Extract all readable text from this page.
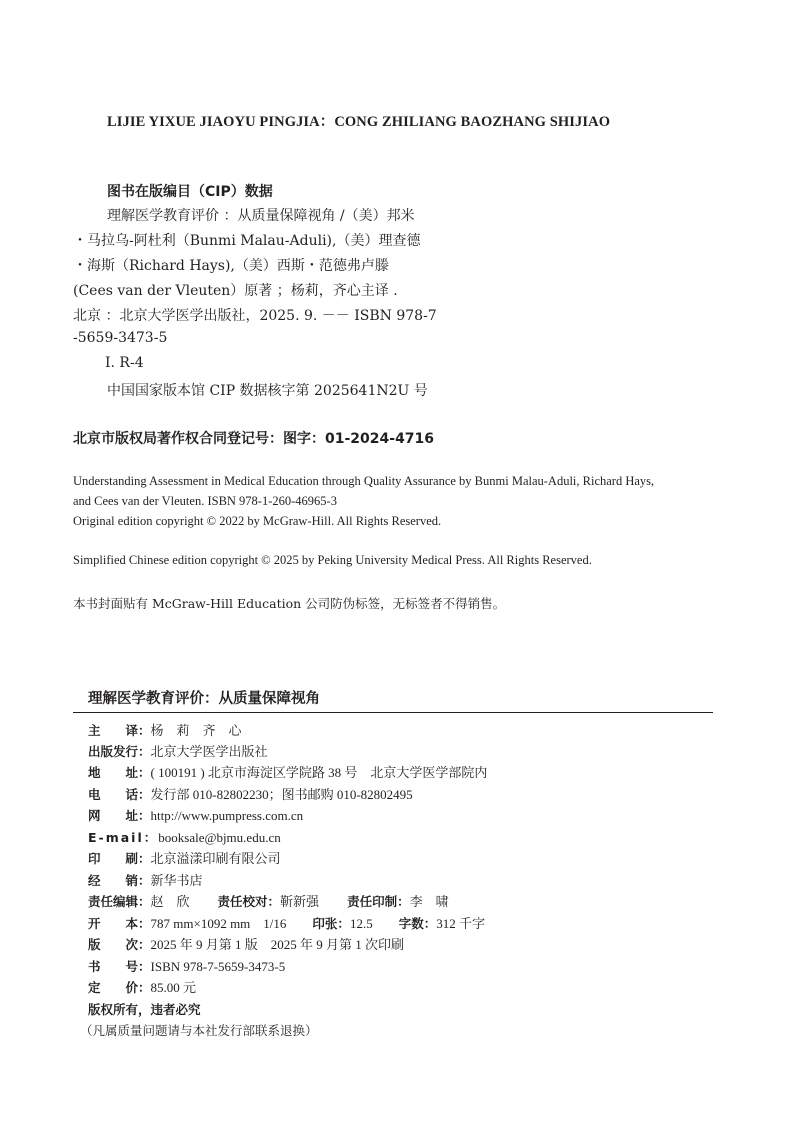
LIJIE YIXUE JIAOYU PINGJIA：CONG ZHILIANG BAOZHANG SHIJIAO
图书在版编目（CIP）数据
理解医学教育评价 ：从质量保障视角 /（美）邦米
・马拉乌-阿杜利（Bunmi Malau-Aduli),（美）理查德
・海斯（Richard Hays),（美）西斯・范德弗卢滕
(Cees van der Vleuten）原著 ；杨莉，齐心主译 .
北京 ：北京大学医学出版社，2025. 9. －－ ISBN 978-7
-5659-3473-5
Ⅰ. R-4
中国国家版本馆 CIP 数据核字第 2025641N2U 号
北京市版权局著作权合同登记号：图字：01-2024-4716
Understanding Assessment in Medical Education through Quality Assurance by Bunmi Malau-Aduli, Richard Hays,
and Cees van der Vleuten. ISBN 978-1-260-46965-3
Original edition copyright © 2022 by McGraw-Hill. All Rights Reserved.
Simplified Chinese edition copyright © 2025 by Peking University Medical Press. All Rights Reserved.
本书封面贴有 McGraw-Hill Education 公司防伪标签，无标签者不得销售。
理解医学教育评价：从质量保障视角
主　　译：杨　莉　齐　心
出版发行：北京大学医学出版社
地　　址：( 100191 ) 北京市海淀区学院路 38 号　北京大学医学部院内
电　　话：发行部 010-82802230；图书邮购 010-82802495
网　　址：http://www.pumpress.com.cn
E-mail：booksale@bjmu.edu.cn
印　　刷：北京溢漾印刷有限公司
经　　销：新华书店
责任编辑：赵　欣 责任校对：靳新强 责任印制：李　啸
开　　本：787 mm×1092 mm　1/16 印张：12.5 字数：312 千字
版　　次：2025 年 9 月第 1 版　2025 年 9 月第 1 次印刷
书　　号：ISBN 978-7-5659-3473-5
定　　价：85.00 元
版权所有，违者必究
（凡属质量问题请与本社发行部联系退换）
